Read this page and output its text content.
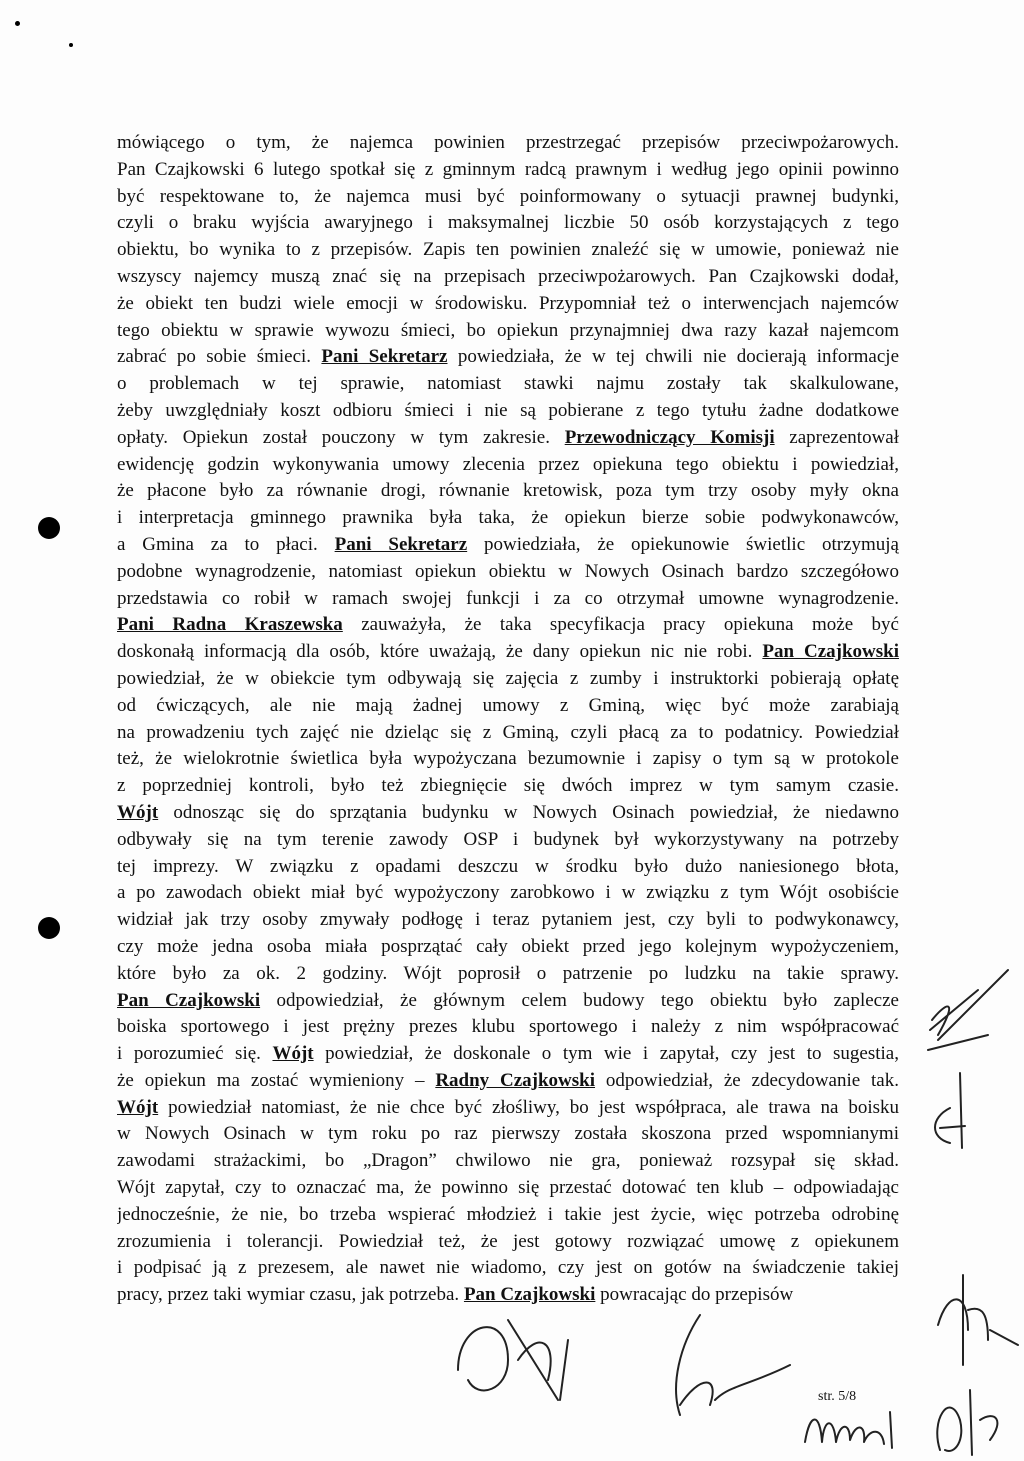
mówiącego o tym, że najemca powinien przestrzegać przepisów przeciwpożarowych.
Pan Czajkowski 6 lutego spotkał się z gminnym radcą prawnym i według jego opinii powinno
być respektowane to, że najemca musi być poinformowany o sytuacji prawnej budynki,
czyli o braku wyjścia awaryjnego i maksymalnej liczbie 50 osób korzystających z tego
obiektu, bo wynika to z przepisów. Zapis ten powinien znaleźć się w umowie, ponieważ nie
wszyscy najemcy muszą znać się na przepisach przeciwpożarowych. Pan Czajkowski dodał,
że obiekt ten budzi wiele emocji w środowisku. Przypomniał też o interwencjach najemców
tego obiektu w sprawie wywozu śmieci, bo opiekun przynajmniej dwa razy kazał najemcom
zabrać po sobie śmieci. Pani Sekretarz powiedziała, że w tej chwili nie docierają informacje
o problemach w tej sprawie, natomiast stawki najmu zostały tak skalkulowane,
żeby uwzględniały koszt odbioru śmieci i nie są pobierane z tego tytułu żadne dodatkowe
opłaty. Opiekun został pouczony w tym zakresie. Przewodniczący Komisji zaprezentował
ewidencję godzin wykonywania umowy zlecenia przez opiekuna tego obiektu i powiedział,
że płacone było za równanie drogi, równanie kretowisk, poza tym trzy osoby myły okna
i interpretacja gminnego prawnika była taka, że opiekun bierze sobie podwykonawców,
a Gmina za to płaci. Pani Sekretarz powiedziała, że opiekunowie świetlic otrzymują
podobne wynagrodzenie, natomiast opiekun obiektu w Nowych Osinach bardzo szczegółowo
przedstawia co robił w ramach swojej funkcji i za co otrzymał umowne wynagrodzenie.
Pani Radna Kraszewska zauważyła, że taka specyfikacja pracy opiekuna może być
doskonałą informacją dla osób, które uważają, że dany opiekun nic nie robi. Pan Czajkowski
powiedział, że w obiekcie tym odbywają się zajęcia z zumby i instruktorki pobierają opłatę
od ćwiczących, ale nie mają żadnej umowy z Gminą, więc być może zarabiają
na prowadzeniu tych zajęć nie dzieląc się z Gminą, czyli płacą za to podatnicy. Powiedział
też, że wielokrotnie świetlica była wypożyczana bezumownie i zapisy o tym są w protokole
z poprzedniej kontroli, było też zbiegnięcie się dwóch imprez w tym samym czasie.
Wójt odnosząc się do sprzątania budynku w Nowych Osinach powiedział, że niedawno
odbywały się na tym terenie zawody OSP i budynek był wykorzystywany na potrzeby
tej imprezy. W związku z opadami deszczu w środku było dużo naniesionego błota,
a po zawodach obiekt miał być wypożyczony zarobkowo i w związku z tym Wójt osobiście
widział jak trzy osoby zmywały podłogę i teraz pytaniem jest, czy byli to podwykonawcy,
czy może jedna osoba miała posprzątać cały obiekt przed jego kolejnym wypożyczeniem,
które było za ok. 2 godziny. Wójt poprosił o patrzenie po ludzku na takie sprawy.
Pan Czajkowski odpowiedział, że głównym celem budowy tego obiektu było zaplecze
boiska sportowego i jest prężny prezes klubu sportowego i należy z nim współpracować
i porozumieć się. Wójt powiedział, że doskonale o tym wie i zapytał, czy jest to sugestia,
że opiekun ma zostać wymieniony – Radny Czajkowski odpowiedział, że zdecydowanie tak.
Wójt powiedział natomiast, że nie chce być złośliwy, bo jest współpraca, ale trawa na boisku
w Nowych Osinach w tym roku po raz pierwszy została skoszona przed wspomnianymi
zawodami strażackimi, bo „Dragon” chwilowo nie gra, ponieważ rozsypał się skład.
Wójt zapytał, czy to oznaczać ma, że powinno się przestać dotować ten klub – odpowiadając
jednocześnie, że nie, bo trzeba wspierać młodzież i takie jest życie, więc potrzeba odrobinę
zrozumienia i tolerancji. Powiedział też, że jest gotowy rozwiązać umowę z opiekunem
i podpisać ją z prezesem, ale nawet nie wiadomo, czy jest on gotów na świadczenie takiej
pracy, przez taki wymiar czasu, jak potrzeba. Pan Czajkowski powracając do przepisów
str. 5/8
